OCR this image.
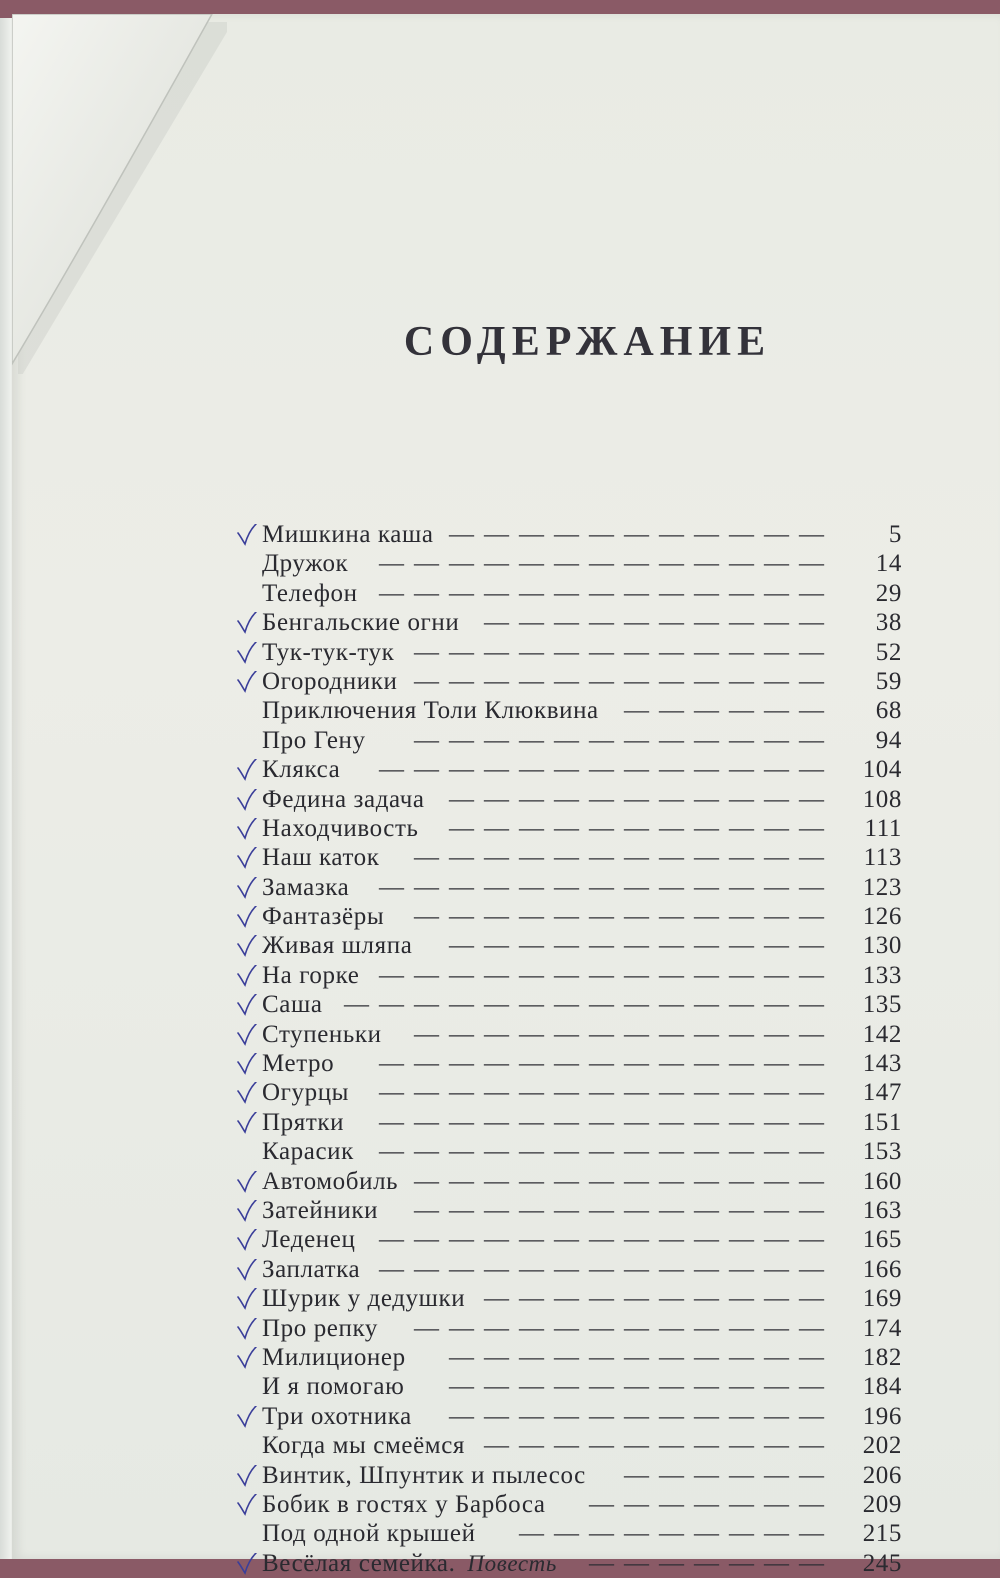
СОДЕРЖАНИЕ
Мишкина каша ———————————	5
Дружок —————————————	14
Телефон —————————————	29
Бенгальские огни ——————————	38
Тук-тук-тук ————————————	52
Огородники ————————————	59
Приключения Толи Клюквина ——————	68
Про Гену ————————————	94
Клякса —————————————	104
Федина задача ———————————	108
Находчивость ———————————	111
Наш каток ————————————	113
Замазка —————————————	123
Фантазёры ————————————	126
Живая шляпа ———————————	130
На горке —————————————	133
Саша ——————————————	135
Ступеньки ————————————	142
Метро —————————————	143
Огурцы —————————————	147
Прятки —————————————	151
Карасик —————————————	153
Автомобиль ————————————	160
Затейники ————————————	163
Леденец —————————————	165
Заплатка —————————————	166
Шурик у дедушки ——————————	169
Про репку ————————————	174
Милиционер ———————————	182
И я помогаю ———————————	184
Три охотника ———————————	196
Когда мы смеёмся ——————————	202
Винтик, Шпунтик и пылесос ——————	206
Бобик в гостях у Барбоса ———————	209
Под одной крышей —————————	215
Весёлая семейка. Повесть ———————	245
